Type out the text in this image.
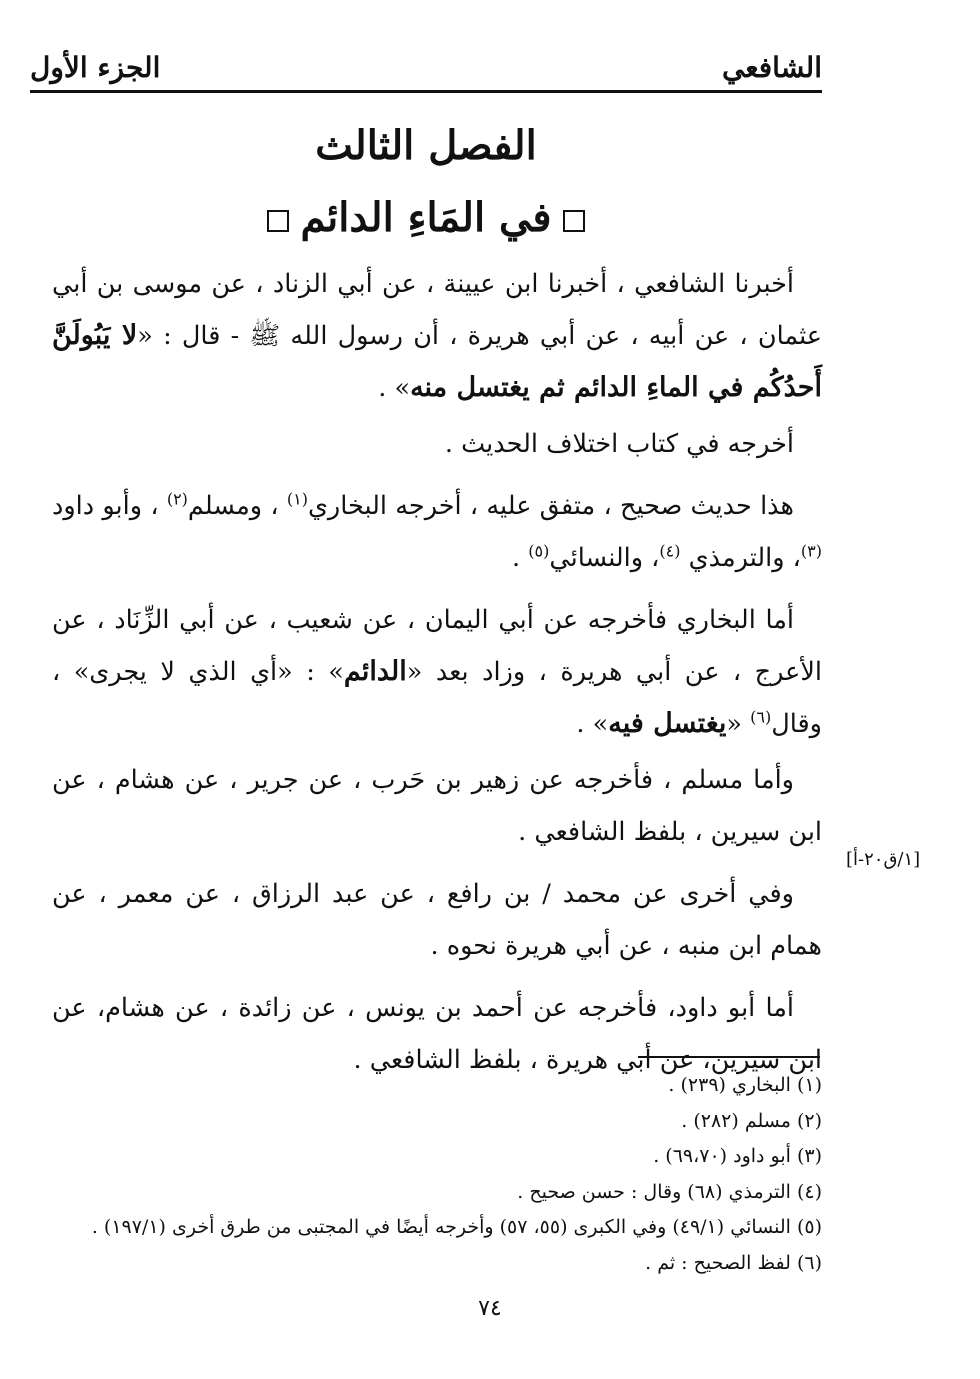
الشافعي
الجزء الأول
الفصل الثالث
في المَاءِ الدائم

أخبرنا الشافعي ، أخبرنا ابن عيينة ، عن أبي الزناد ، عن موسى بن أبي عثمان ، عن أبيه ، عن أبي هريرة ، أن رسول الله ﷺ - قال : «لا يَبُولَنَّ أَحدُكُم في الماءِ الدائم ثم يغتسل منه» .

أخرجه في كتاب اختلاف الحديث .

هذا حديث صحيح ، متفق عليه ، أخرجه البخاري$^{(١)}$ ، ومسلم$^{(٢)}$ ، وأبو داود $^{(٣)}$، والترمذي $^{(٤)}$، والنسائي$^{(٥)}$ .

أما البخاري فأخرجه عن أبي اليمان ، عن شعيب ، عن أبي الزِّنَاد ، عن الأعرج ، عن أبي هريرة ، وزاد بعد «الدائم» : «أي الذي لا يجرى» ، وقال$^{(٦)}$ «يغتسل فيه» .

وأما مسلم ، فأخرجه عن زهير بن حَرب ، عن جرير ، عن هشام ، عن ابن سيرين ، بلفظ الشافعي .

وفي أخرى عن محمد / بن رافع ، عن عبد الرزاق ، عن معمر ، عن همام ابن منبه ، عن أبي هريرة نحوه .

أما أبو داود، فأخرجه عن أحمد بن يونس ، عن زائدة ، عن هشام، عن ابن سيرين، عن أبي هريرة ، بلفظ الشافعي .

[١/ق٢٠-أ]
(١) البخاري (٢٣٩) .
(٢) مسلم (٢٨٢) .
(٣) أبو داود (٦٩،٧٠) .
(٤) الترمذي (٦٨) وقال : حسن صحيح .
(٥) النسائي (٤٩/١) وفي الكبرى (٥٥، ٥٧) وأخرجه أيضًا في المجتبى من طرق أخرى (١٩٧/١) .
(٦) لفظ الصحيح : ثم .
٧٤
